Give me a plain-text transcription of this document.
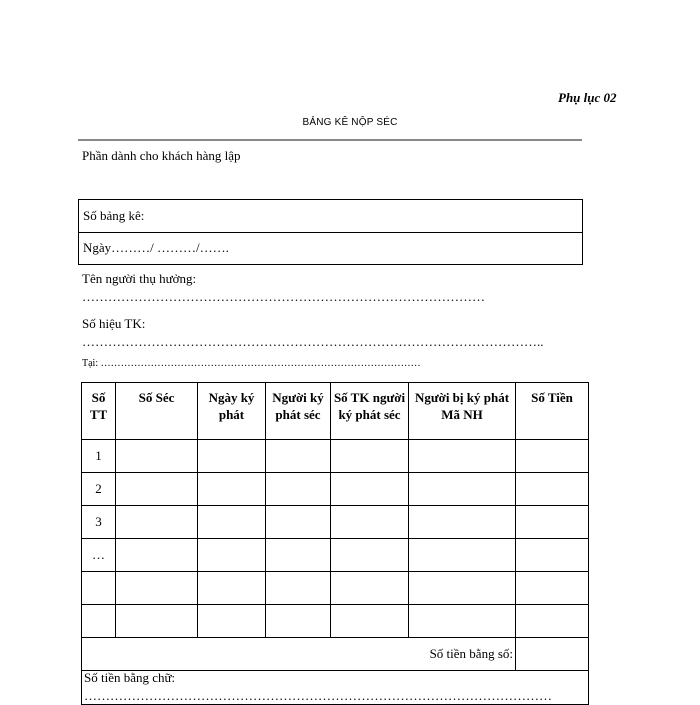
Phụ lục 02
BẢNG KÊ NỘP SÉC
Phần dành cho khách hàng lập
Số bảng kê:
Ngày………/ ………/…….
Tên người thụ hưởng:
…………………………………………………………………………………
Số hiệu TK:
……………………………………………………………………………………………..
Tại: ……………………………………………………………………………………
Số TT	Số Séc	Ngày ký phát	Người ký phát séc	Số TK người ký phát séc	Người bị ký phát Mã NH	Số Tiền
1						
2						
3						
…						

Số tiền bằng số:						
Số tiền bằng chữ:
………………………………………………………………………………………………
